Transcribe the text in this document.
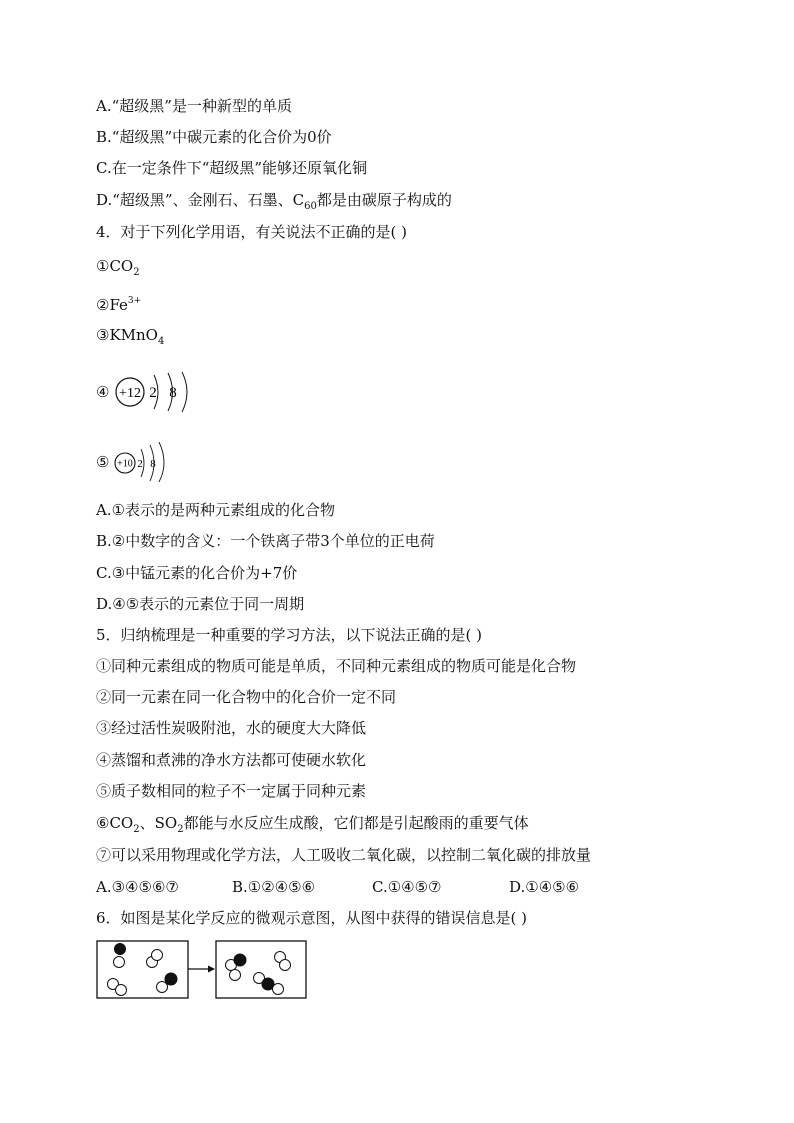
A.“超级黑”是一种新型的单质
B.“超级黑”中碳元素的化合价为0价
C.在一定条件下“超级黑”能够还原氧化铜
D.“超级黑”、金刚石、石墨、$C_{60}$都是由碳原子构成的
4．对于下列化学用语，有关说法不正确的是( )
$①CO_2$
$②Fe^{3+}$
③KMnO$_4$
④ +12 2 8
⑤ +10 2 8
A.①表示的是两种元素组成的化合物
B.②中数字的含义：一个铁离子带3个单位的正电荷
C.③中锰元素的化合价为+7价
D.④⑤表示的元素位于同一周期
5．归纳梳理是一种重要的学习方法，以下说法正确的是( )
①同种元素组成的物质可能是单质，不同种元素组成的物质可能是化合物
②同一元素在同一化合物中的化合价一定不同
③经过活性炭吸附池，水的硬度大大降低
④蒸馏和煮沸的净水方法都可使硬水软化
⑤质子数相同的粒子不一定属于同种元素
$⑥CO_2$、$SO_2$都能与水反应生成酸，它们都是引起酸雨的重要气体
⑦可以采用物理或化学方法，人工吸收二氧化碳，以控制二氧化碳的排放量
A.③④⑤⑥⑦	B.①②④⑤⑥	C.①④⑤⑦	D.①④⑤⑥
6．如图是某化学反应的微观示意图，从图中获得的错误信息是( )
